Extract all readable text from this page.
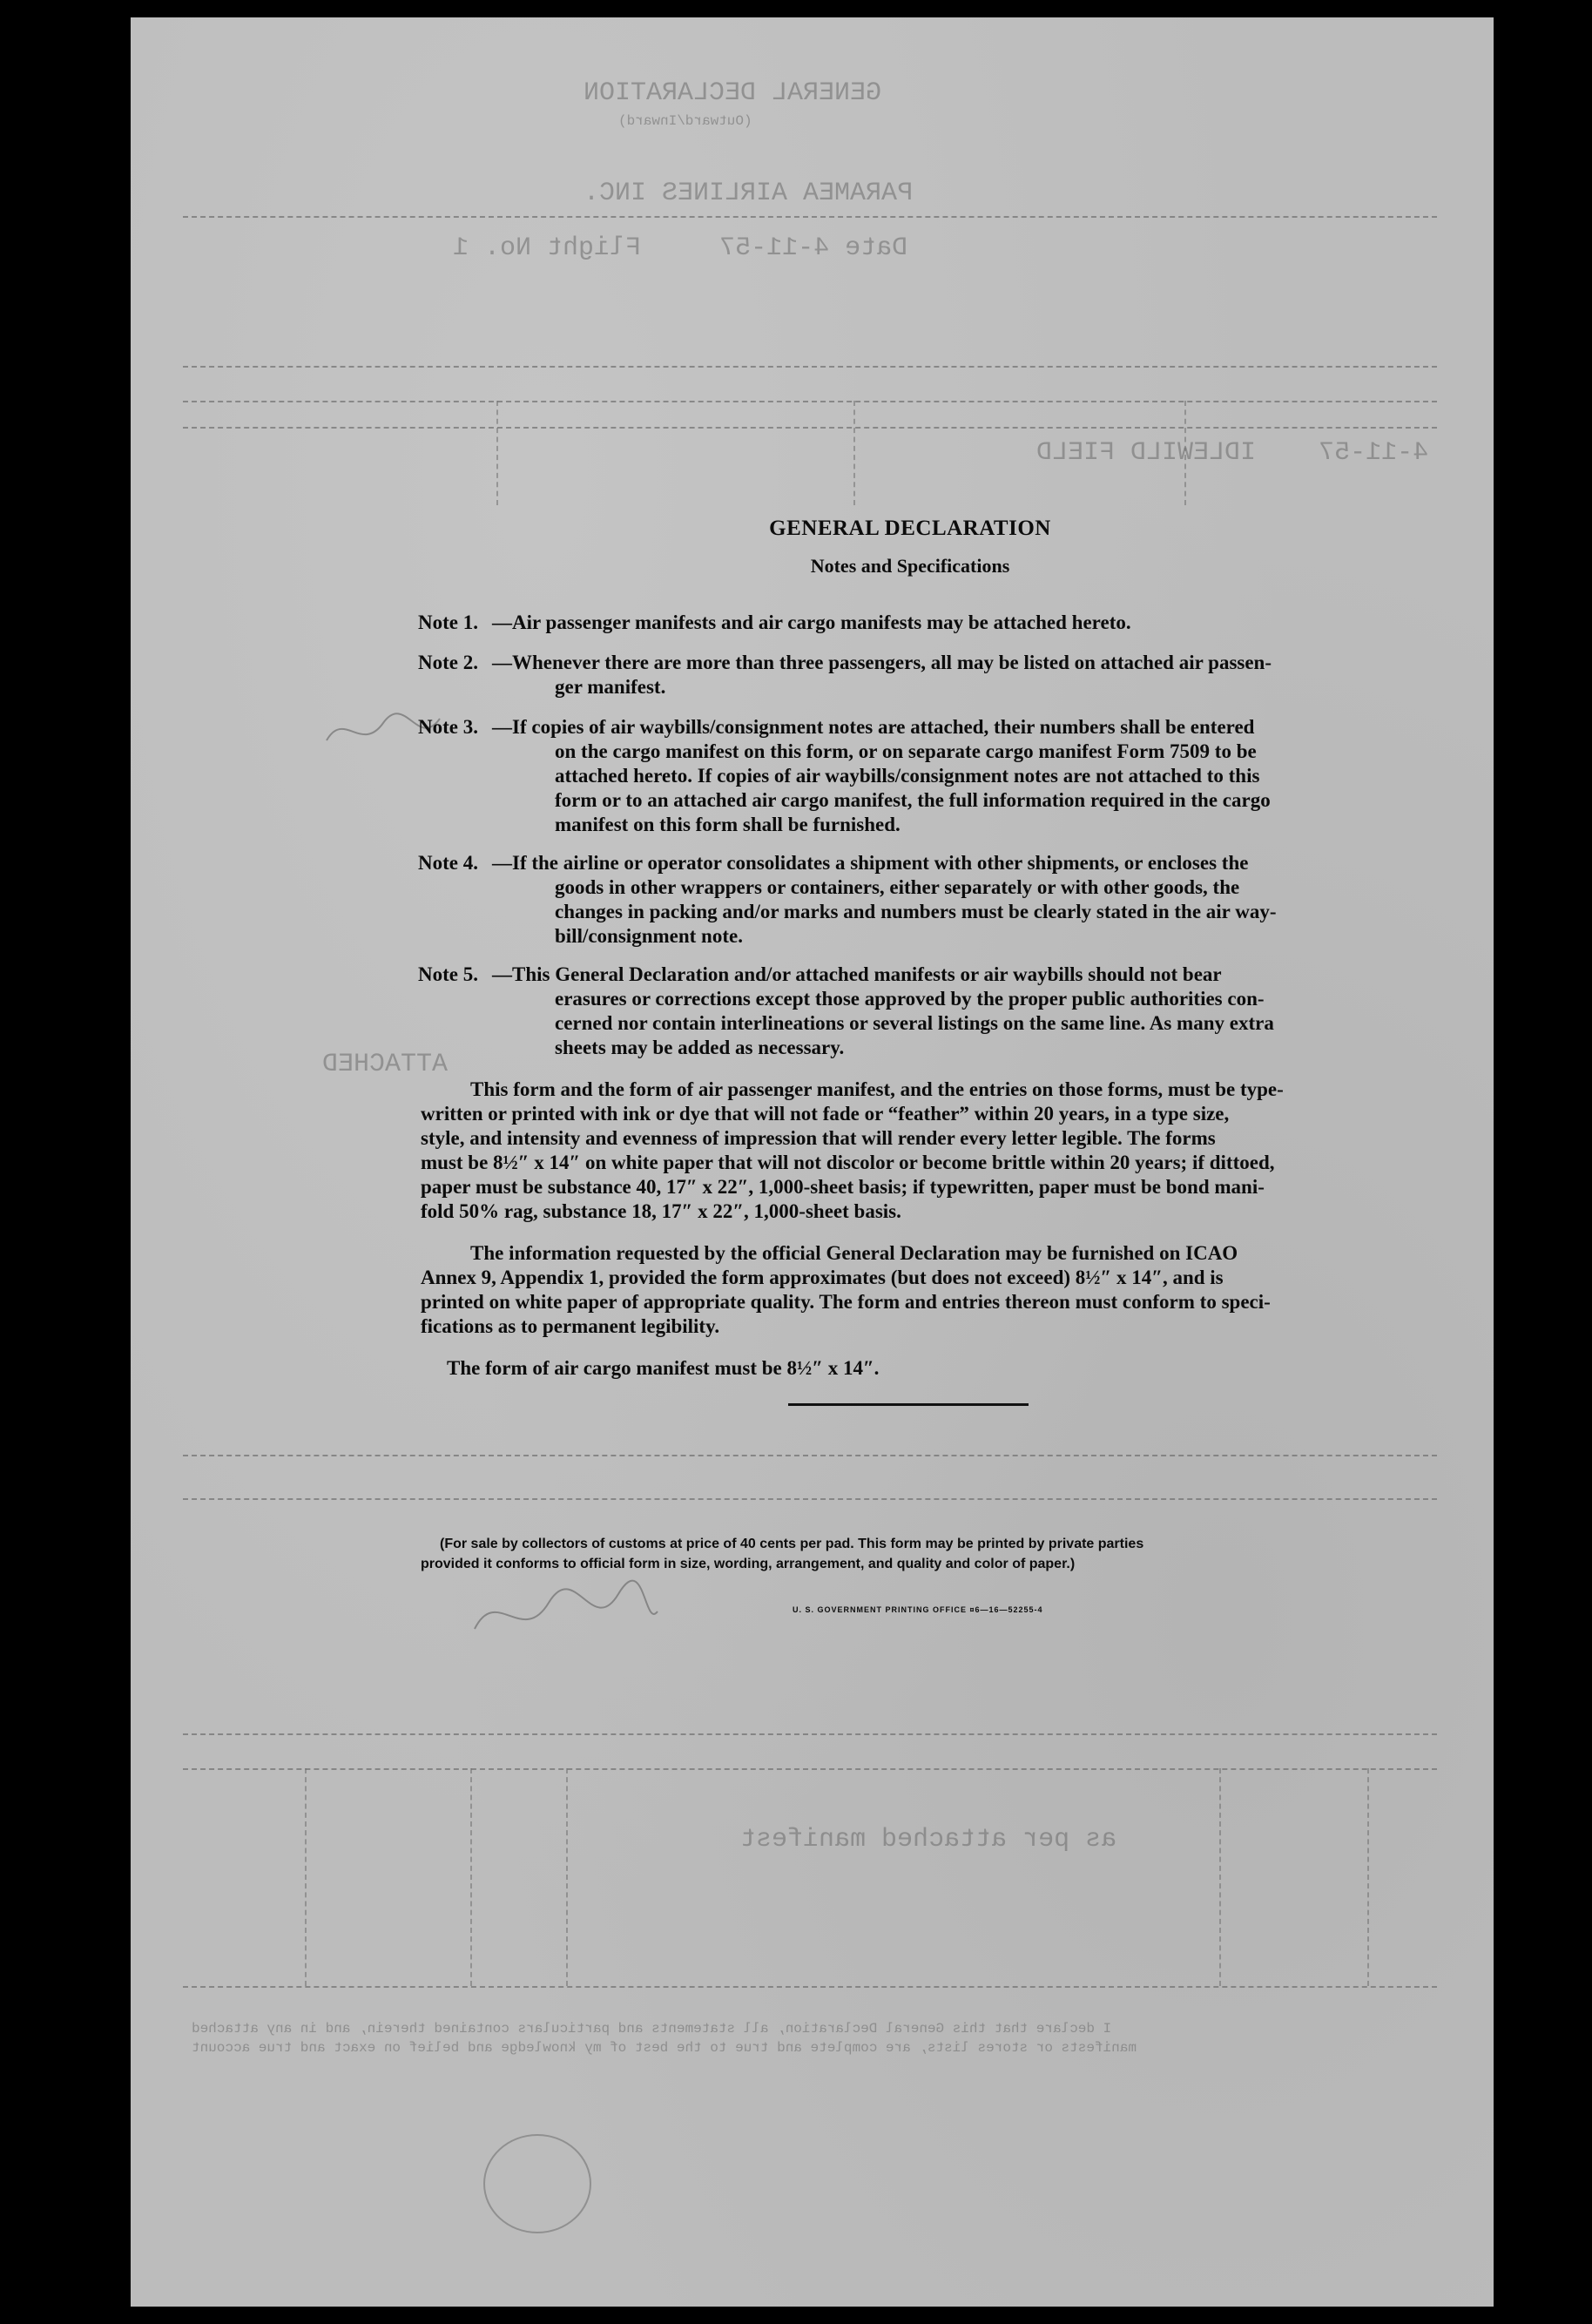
GENERAL DECLARATION
(Outward/Inward)
PARAMEA AIRLINES INC.
Date 4-11-57     Flight No. 1
4-11-57    IDLEWILD FIELD
ATTACHED
as per attached manifest
I declare that this General Declaration, all statements and particulars contained therein, and in any attached
manifests or stores lists, are complete and true to the best of my knowledge and belief on exact and true account
GENERAL DECLARATION
Notes and Specifications
Note 1. —Air passenger manifests and air cargo manifests may be attached hereto.
Note 2. —Whenever there are more than three passengers, all may be listed on attached air passen-
ger manifest.
Note 3. —If copies of air waybills/consignment notes are attached, their numbers shall be entered
on the cargo manifest on this form, or on separate cargo manifest Form 7509 to be
attached hereto. If copies of air waybills/consignment notes are not attached to this
form or to an attached air cargo manifest, the full information required in the cargo
manifest on this form shall be furnished.
Note 4. —If the airline or operator consolidates a shipment with other shipments, or encloses the
goods in other wrappers or containers, either separately or with other goods, the
changes in packing and/or marks and numbers must be clearly stated in the air way-
bill/consignment note.
Note 5. —This General Declaration and/or attached manifests or air waybills should not bear
erasures or corrections except those approved by the proper public authorities con-
cerned nor contain interlineations or several listings on the same line. As many extra
sheets may be added as necessary.
This form and the form of air passenger manifest, and the entries on those forms, must be type-
written or printed with ink or dye that will not fade or “feather” within 20 years, in a type size,
style, and intensity and evenness of impression that will render every letter legible. The forms
must be 8½″ x 14″ on white paper that will not discolor or become brittle within 20 years; if dittoed,
paper must be substance 40, 17″ x 22″, 1,000-sheet basis; if typewritten, paper must be bond mani-
fold 50% rag, substance 18, 17″ x 22″, 1,000-sheet basis.
The information requested by the official General Declaration may be furnished on ICAO
Annex 9, Appendix 1, provided the form approximates (but does not exceed) 8½″ x 14″, and is
printed on white paper of appropriate quality. The form and entries thereon must conform to speci-
fications as to permanent legibility.
The form of air cargo manifest must be 8½″ x 14″.
(For sale by collectors of customs at price of 40 cents per pad. This form may be printed by private parties
provided it conforms to official form in size, wording, arrangement, and quality and color of paper.)
U. S. GOVERNMENT PRINTING OFFICE ¤6—16—52255-4
